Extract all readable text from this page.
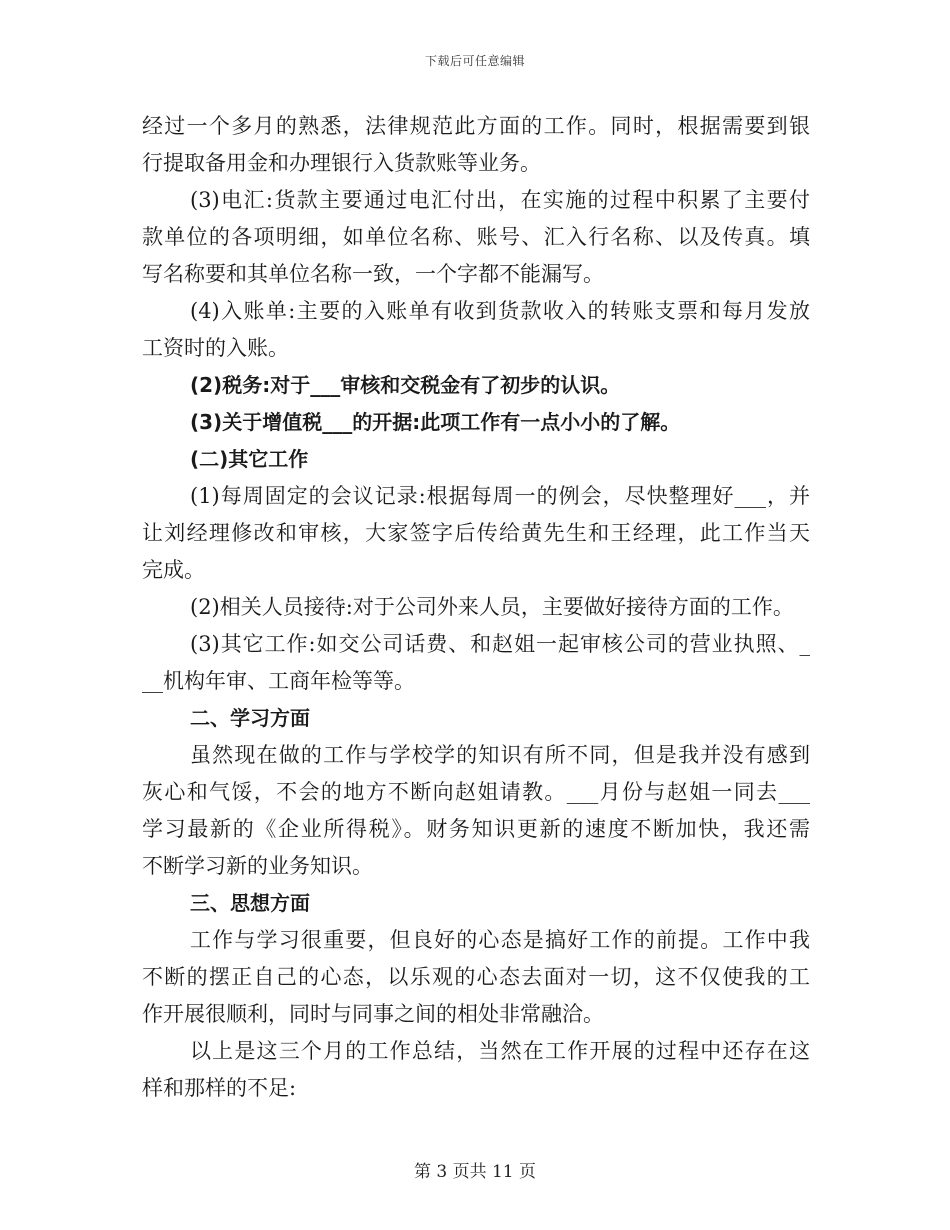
下载后可任意编辑
经过一个多月的熟悉，法律规范此方面的工作。同时，根据需要到银
行提取备用金和办理银行入货款账等业务。
(3)电汇:货款主要通过电汇付出，在实施的过程中积累了主要付
款单位的各项明细，如单位名称、账号、汇入行名称、以及传真。填
写名称要和其单位名称一致，一个字都不能漏写。
(4)入账单:主要的入账单有收到货款收入的转账支票和每月发放
工资时的入账。
(2)税务:对于___审核和交税金有了初步的认识。
(3)关于增值税___的开据:此项工作有一点小小的了解。
(二)其它工作
(1)每周固定的会议记录:根据每周一的例会，尽快整理好___，并
让刘经理修改和审核，大家签字后传给黄先生和王经理，此工作当天
完成。
(2)相关人员接待:对于公司外来人员，主要做好接待方面的工作。
(3)其它工作:如交公司话费、和赵姐一起审核公司的营业执照、_
__机构年审、工商年检等等。
二、学习方面
虽然现在做的工作与学校学的知识有所不同，但是我并没有感到
灰心和气馁，不会的地方不断向赵姐请教。___月份与赵姐一同去___
学习最新的《企业所得税》。财务知识更新的速度不断加快，我还需
不断学习新的业务知识。
三、思想方面
工作与学习很重要，但良好的心态是搞好工作的前提。工作中我
不断的摆正自己的心态，以乐观的心态去面对一切，这不仅使我的工
作开展很顺利，同时与同事之间的相处非常融洽。
以上是这三个月的工作总结，当然在工作开展的过程中还存在这
样和那样的不足:
第 3 页共 11 页
